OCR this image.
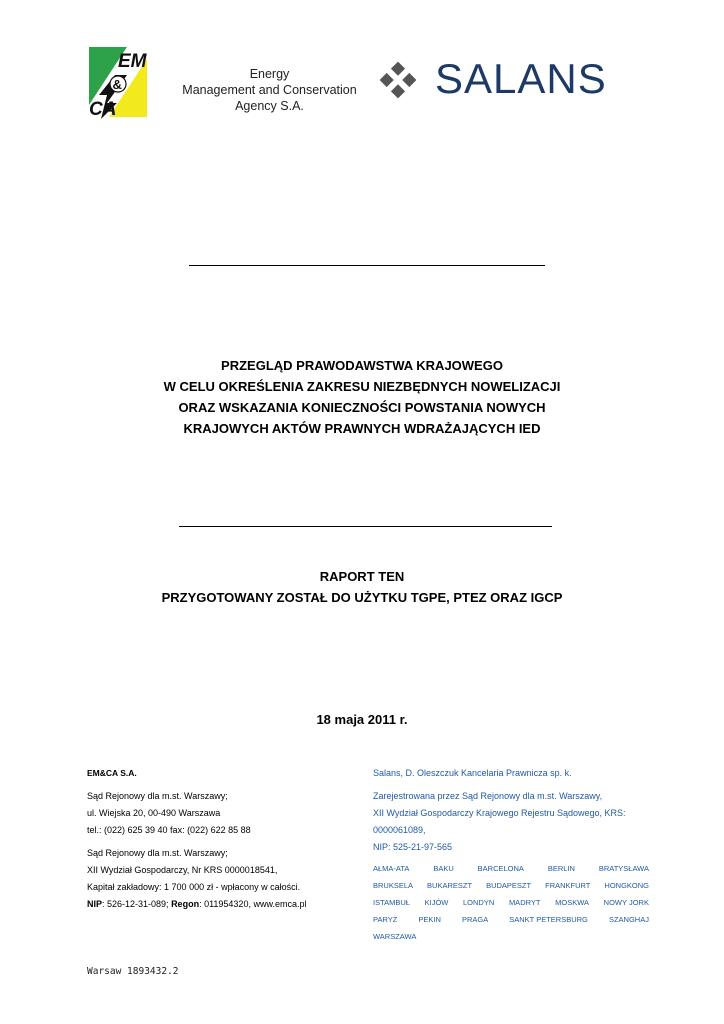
EM
&
CA
Energy
Management and Conservation
Agency S.A.
SALANS
PRZEGLĄD PRAWODAWSTWA KRAJOWEGO
W CELU OKREŚLENIA ZAKRESU NIEZBĘDNYCH NOWELIZACJI
ORAZ WSKAZANIA KONIECZNOŚCI POWSTANIA NOWYCH
KRAJOWYCH AKTÓW PRAWNYCH WDRAŻAJĄCYCH IED
RAPORT TEN
PRZYGOTOWANY ZOSTAŁ DO UŻYTKU TGPE, PTEZ ORAZ IGCP
18 maja 2011 r.
EM&CA S.A.
Sąd Rejonowy dla m.st. Warszawy;
ul. Wiejska 20, 00-490 Warszawa
tel.: (022) 625 39 40 fax: (022) 622 85 88
Sąd Rejonowy dla m.st. Warszawy;
XII Wydział Gospodarczy, Nr KRS 0000018541,
Kapitał zakładowy: 1 700 000 zł - wpłacony w całości.
NIP: 526-12-31-089; Regon: 011954320, www.emca.pl
Salans, D. Oleszczuk Kancelaria Prawnicza sp. k.
Zarejestrowana przez Sąd Rejonowy dla m.st. Warszawy,
XII Wydział Gospodarczy Krajowego Rejestru Sądowego, KRS:
0000061089,
NIP: 525-21-97-565
AŁMA-ATA	BAKU	BARCELONA	BERLIN	BRATYSŁAWA
BRUKSELA BUKARESZT BUDAPESZT FRANKFURT HONGKONG
ISTAMBUŁ KIJÓW LONDYN MADRYT MOSKWA NOWY JORK
PARYŻ	PEKIN	PRAGA	SANKT PETERSBURG	SZANGHAJ
WARSZAWA
Warsaw 1893432.2
